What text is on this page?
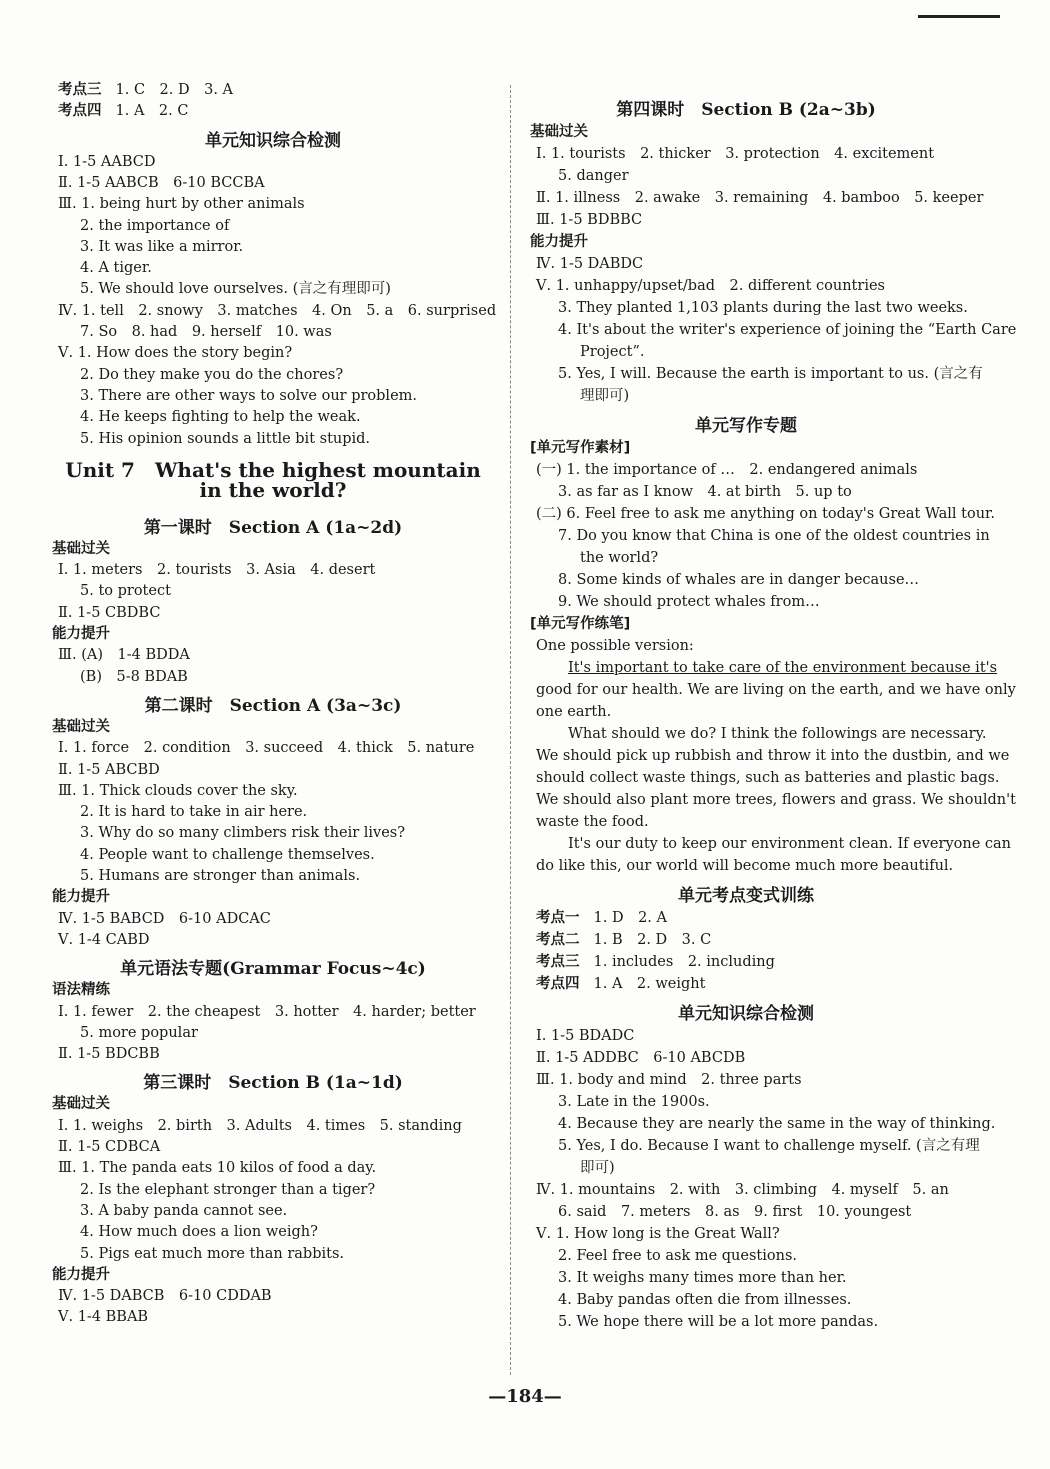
考点三 1. C　2. D　3. A
考点四 1. A　2. C
单元知识综合检测
Ⅰ. 1-5 AABCD
Ⅱ. 1-5 AABCB　6-10 BCCBA
Ⅲ. 1. being hurt by other animals
2. the importance of
3. It was like a mirror.
4. A tiger.
5. We should love ourselves. (言之有理即可)
Ⅳ. 1. tell　2. snowy　3. matches　4. On　5. a　6. surprised
7. So　8. had　9. herself　10. was
Ⅴ. 1. How does the story begin?
2. Do they make you do the chores?
3. There are other ways to solve our problem.
4. He keeps fighting to help the weak.
5. His opinion sounds a little bit stupid.
Unit 7　What's the highest mountain
in the world?
第一课时　Section A (1a~2d)
基础过关
Ⅰ. 1. meters　2. tourists　3. Asia　4. desert
5. to protect
Ⅱ. 1-5 CBDBC
能力提升
Ⅲ. (A)　1-4 BDDA
(B)　5-8 BDAB
第二课时　Section A (3a~3c)
基础过关
Ⅰ. 1. force　2. condition　3. succeed　4. thick　5. nature
Ⅱ. 1-5 ABCBD
Ⅲ. 1. Thick clouds cover the sky.
2. It is hard to take in air here.
3. Why do so many climbers risk their lives?
4. People want to challenge themselves.
5. Humans are stronger than animals.
能力提升
Ⅳ. 1-5 BABCD　6-10 ADCAC
Ⅴ. 1-4 CABD
单元语法专题(Grammar Focus~4c)
语法精练
Ⅰ. 1. fewer　2. the cheapest　3. hotter　4. harder; better
5. more popular
Ⅱ. 1-5 BDCBB
第三课时　Section B (1a~1d)
基础过关
Ⅰ. 1. weighs　2. birth　3. Adults　4. times　5. standing
Ⅱ. 1-5 CDBCA
Ⅲ. 1. The panda eats 10 kilos of food a day.
2. Is the elephant stronger than a tiger?
3. A baby panda cannot see.
4. How much does a lion weigh?
5. Pigs eat much more than rabbits.
能力提升
Ⅳ. 1-5 DABCB　6-10 CDDAB
Ⅴ. 1-4 BBAB
第四课时　Section B (2a~3b)
基础过关
Ⅰ. 1. tourists　2. thicker　3. protection　4. excitement
5. danger
Ⅱ. 1. illness　2. awake　3. remaining　4. bamboo　5. keeper
Ⅲ. 1-5 BDBBC
能力提升
Ⅳ. 1-5 DABDC
Ⅴ. 1. unhappy/upset/bad　2. different countries
3. They planted 1,103 plants during the last two weeks.
4. It's about the writer's experience of joining the “Earth Care
Project”.
5. Yes, I will. Because the earth is important to us. (言之有
理即可)
单元写作专题
[单元写作素材]
(一) 1. the importance of …　2. endangered animals
3. as far as I know　4. at birth　5. up to
(二) 6. Feel free to ask me anything on today's Great Wall tour.
7. Do you know that China is one of the oldest countries in
the world?
8. Some kinds of whales are in danger because…
9. We should protect whales from…
[单元写作练笔]
One possible version:
It's important to take care of the environment because it's
good for our health. We are living on the earth, and we have only
one earth.
What should we do? I think the followings are necessary.
We should pick up rubbish and throw it into the dustbin, and we
should collect waste things, such as batteries and plastic bags.
We should also plant more trees, flowers and grass. We shouldn't
waste the food.
It's our duty to keep our environment clean. If everyone can
do like this, our world will become much more beautiful.
单元考点变式训练
考点一 1. D　2. A
考点二 1. B　2. D　3. C
考点三 1. includes　2. including
考点四 1. A　2. weight
单元知识综合检测
Ⅰ. 1-5 BDADC
Ⅱ. 1-5 ADDBC　6-10 ABCDB
Ⅲ. 1. body and mind　2. three parts
3. Late in the 1900s.
4. Because they are nearly the same in the way of thinking.
5. Yes, I do. Because I want to challenge myself. (言之有理
即可)
Ⅳ. 1. mountains　2. with　3. climbing　4. myself　5. an
6. said　7. meters　8. as　9. first　10. youngest
Ⅴ. 1. How long is the Great Wall?
2. Feel free to ask me questions.
3. It weighs many times more than her.
4. Baby pandas often die from illnesses.
5. We hope there will be a lot more pandas.
—184—
